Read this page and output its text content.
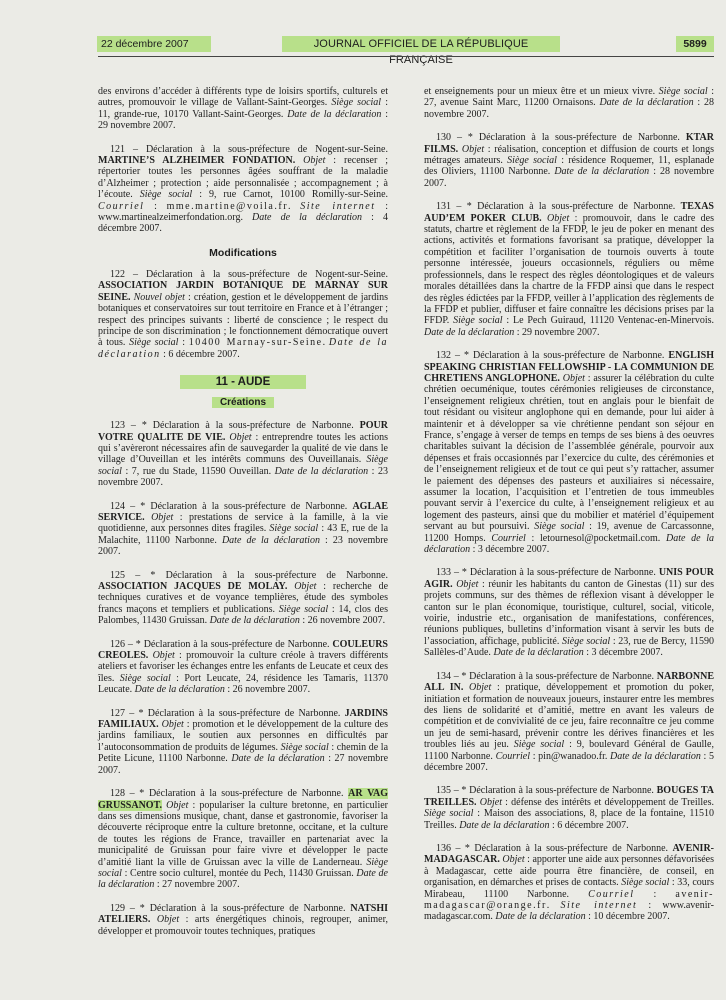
22 décembre 2007	JOURNAL OFFICIEL DE LA RÉPUBLIQUE FRANÇAISE
5899

des environs d’accéder à différents type de loisirs sportifs, culturels et autres, promouvoir le village de Vallant-Saint-Georges. Siège social : 11, grande-rue, 10170 Vallant-Saint-Georges. Date de la déclaration : 29 novembre 2007.

121 – Déclaration à la sous-préfecture de Nogent-sur-Seine. MARTINE’S ALZHEIMER FONDATION. Objet : recenser ; répertorier toutes les personnes âgées souffrant de la maladie d’Alzheimer ; protection ; aide personnalisée ; accompagnement ; à l’écoute. Siège social : 9, rue Carnot, 10100 Romilly-sur-Seine. Courriel : mme.martine@voila.fr. Site internet : www.martinealzeimerfondation.org. Date de la déclaration : 4 décembre 2007.

Modifications

122 – Déclaration à la sous-préfecture de Nogent-sur-Seine. ASSOCIATION JARDIN BOTANIQUE DE MARNAY SUR SEINE. Nouvel objet : création, gestion et le développement de jardins botaniques et conservatoires sur tout territoire en France et à l’étranger ; respect des principes suivants : liberté de conscience ; le respect du principe de son discrimination ; le fonctionnement démocratique ouvert à tous. Siège social : 10400 Marnay-sur-Seine. Date de la déclaration : 6 décembre 2007.

11 - AUDE
Créations

123 – * Déclaration à la sous-préfecture de Narbonne. POUR VOTRE QUALITE DE VIE. Objet : entreprendre toutes les actions qui s’avèreront nécessaires afin de sauvegarder la qualité de vie dans le village d’Ouveillan et les intérêts communs des Ouveillanais. Siège social : 7, rue du Stade, 11590 Ouveillan. Date de la déclaration : 23 novembre 2007.

124 – * Déclaration à la sous-préfecture de Narbonne. AGLAE SERVICE. Objet : prestations de service à la famille, à la vie quotidienne, aux personnes dites fragiles. Siège social : 43 E, rue de la Malachite, 11100 Narbonne. Date de la déclaration : 23 novembre 2007.

125 – * Déclaration à la sous-préfecture de Narbonne. ASSOCIATION JACQUES DE MOLAY. Objet : recherche de techniques curatives et de voyance templières, étude des symboles francs maçons et templiers et publications. Siège social : 14, clos des Palombes, 11430 Gruissan. Date de la déclaration : 26 novembre 2007.

126 – * Déclaration à la sous-préfecture de Narbonne. COULEURS CREOLES. Objet : promouvoir la culture créole à travers différents ateliers et favoriser les échanges entre les enfants de Leucate et ceux des îles. Siège social : Port Leucate, 24, résidence les Tamaris, 11370 Leucate. Date de la déclaration : 26 novembre 2007.

127 – * Déclaration à la sous-préfecture de Narbonne. JARDINS FAMILIAUX. Objet : promotion et le développement de la culture des jardins familiaux, le soutien aux personnes en difficultés par l’autoconsommation de produits de légumes. Siège social : chemin de la Petite Licune, 11100 Narbonne. Date de la déclaration : 27 novembre 2007.

128 – * Déclaration à la sous-préfecture de Narbonne. AR VAG GRUSSANOT. Objet : populariser la culture bretonne, en particulier dans ses dimensions musique, chant, danse et gastronomie, favoriser la découverte réciproque entre la culture bretonne, occitane, et la culture de toutes les régions de France, travailler en partenariat avec la municipalité de Gruissan pour faire vivre et développer le pacte d’amitié liant la ville de Gruissan avec la ville de Landerneau. Siège social : Centre socio culturel, montée du Pech, 11430 Gruissan. Date de la déclaration : 27 novembre 2007.

129 – * Déclaration à la sous-préfecture de Narbonne. NATSHI ATELIERS. Objet : arts énergétiques chinois, regrouper, animer, développer et promouvoir toutes techniques, pratiques

et enseignements pour un mieux être et un mieux vivre. Siège social : 27, avenue Saint Marc, 11200 Ornaisons. Date de la déclaration : 28 novembre 2007.

130 – * Déclaration à la sous-préfecture de Narbonne. KTAR FILMS. Objet : réalisation, conception et diffusion de courts et longs métrages amateurs. Siège social : résidence Roquemer, 11, esplanade des Oliviers, 11100 Narbonne. Date de la déclaration : 28 novembre 2007.

131 – * Déclaration à la sous-préfecture de Narbonne. TEXAS AUD’EM POKER CLUB. Objet : promouvoir, dans le cadre des statuts, chartre et règlement de la FFDP, le jeu de poker en menant des actions, activités et formations favorisant sa pratique, développer la compétition et faciliter l’organisation de tournois ouverts à toute personne intéressée, joueurs occasionnels, réguliers ou même professionnels, dans le respect des règles déontologiques et de valeurs morales détaillées dans la chartre de la FFDP ainsi que dans le respect des règles édictées par la FFDP, veiller à l’application des règlements de la FFDP et publier, diffuser et faire connaître les décisions prises par la FFDP. Siège social : Le Pech Guiraud, 11120 Ventenac-en-Minervois. Date de la déclaration : 29 novembre 2007.

132 – * Déclaration à la sous-préfecture de Narbonne. ENGLISH SPEAKING CHRISTIAN FELLOWSHIP - LA COMMUNION DE CHRETIENS ANGLOPHONE. Objet : assurer la célébration du culte chrétien oecuménique, toutes cérémonies religieuses de circonstance, l’enseignement religieux chrétien, tout en anglais pour le bienfait de tout résidant ou visiteur anglophone qui en demande, pour lui aider à maintenir et à développer sa vie chrétienne pendant son séjour en France, s’engage à verser de temps en temps de ses biens à des oeuvres charitables suivant la décision de l’assemblée générale, pourvoir aux dépenses et frais occasionnés par l’exercice du culte, des cérémonies et de l’enseignement religieux et de tout ce qui peut s’y rattacher, assumer le paiement des dépenses des pasteurs et auxiliaires si nécessaire, assumer la location, l’acquisition et l’entretien de tous immeubles pouvant servir à l’exercice du culte, à l’enseignement religieux et au logement des pasteurs, ainsi que du mobilier et matériel d’équipement servant au but poursuivi. Siège social : 19, avenue de Carcassonne, 11200 Homps. Courriel : letournesol@pocketmail.com. Date de la déclaration : 3 décembre 2007.

133 – * Déclaration à la sous-préfecture de Narbonne. UNIS POUR AGIR. Objet : réunir les habitants du canton de Ginestas (11) sur des projets communs, sur des thèmes de réflexion visant à développer le canton sur le plan économique, touristique, culturel, social, viticole, voirie, industrie etc., organisation de manifestations, conférences, réunions publiques, bulletins d’information visant à servir les buts de l’association, affichage, publicité. Siège social : 23, rue de Bercy, 11590 Sallèles-d’Aude. Date de la déclaration : 3 décembre 2007.

134 – * Déclaration à la sous-préfecture de Narbonne. NARBONNE ALL IN. Objet : pratique, développement et promotion du poker, initiation et formation de nouveaux joueurs, instaurer entre les membres des liens de solidarité et d’amitié, mettre en avant les valeurs de compétition et de convivialité de ce jeu, faire reconnaître ce jeu comme un jeu de semi-hasard, prévenir contre les dérives financières et les troubles liés au jeu. Siège social : 9, boulevard Général de Gaulle, 11100 Narbonne. Courriel : pin@wanadoo.fr. Date de la déclaration : 5 décembre 2007.

135 – * Déclaration à la sous-préfecture de Narbonne. BOUGES TA TREILLES. Objet : défense des intérêts et développement de Treilles. Siège social : Maison des associations, 8, place de la fontaine, 11510 Treilles. Date de la déclaration : 6 décembre 2007.

136 – * Déclaration à la sous-préfecture de Narbonne. AVENIR-MADAGASCAR. Objet : apporter une aide aux personnes défavorisées à Madagascar, cette aide pourra être financière, de conseil, en organisation, en démarches et prises de contacts. Siège social : 33, cours Mirabeau, 11100 Narbonne. Courriel : avenir-madagascar@orange.fr. Site internet : www.avenir-madagascar.com. Date de la déclaration : 10 décembre 2007.
